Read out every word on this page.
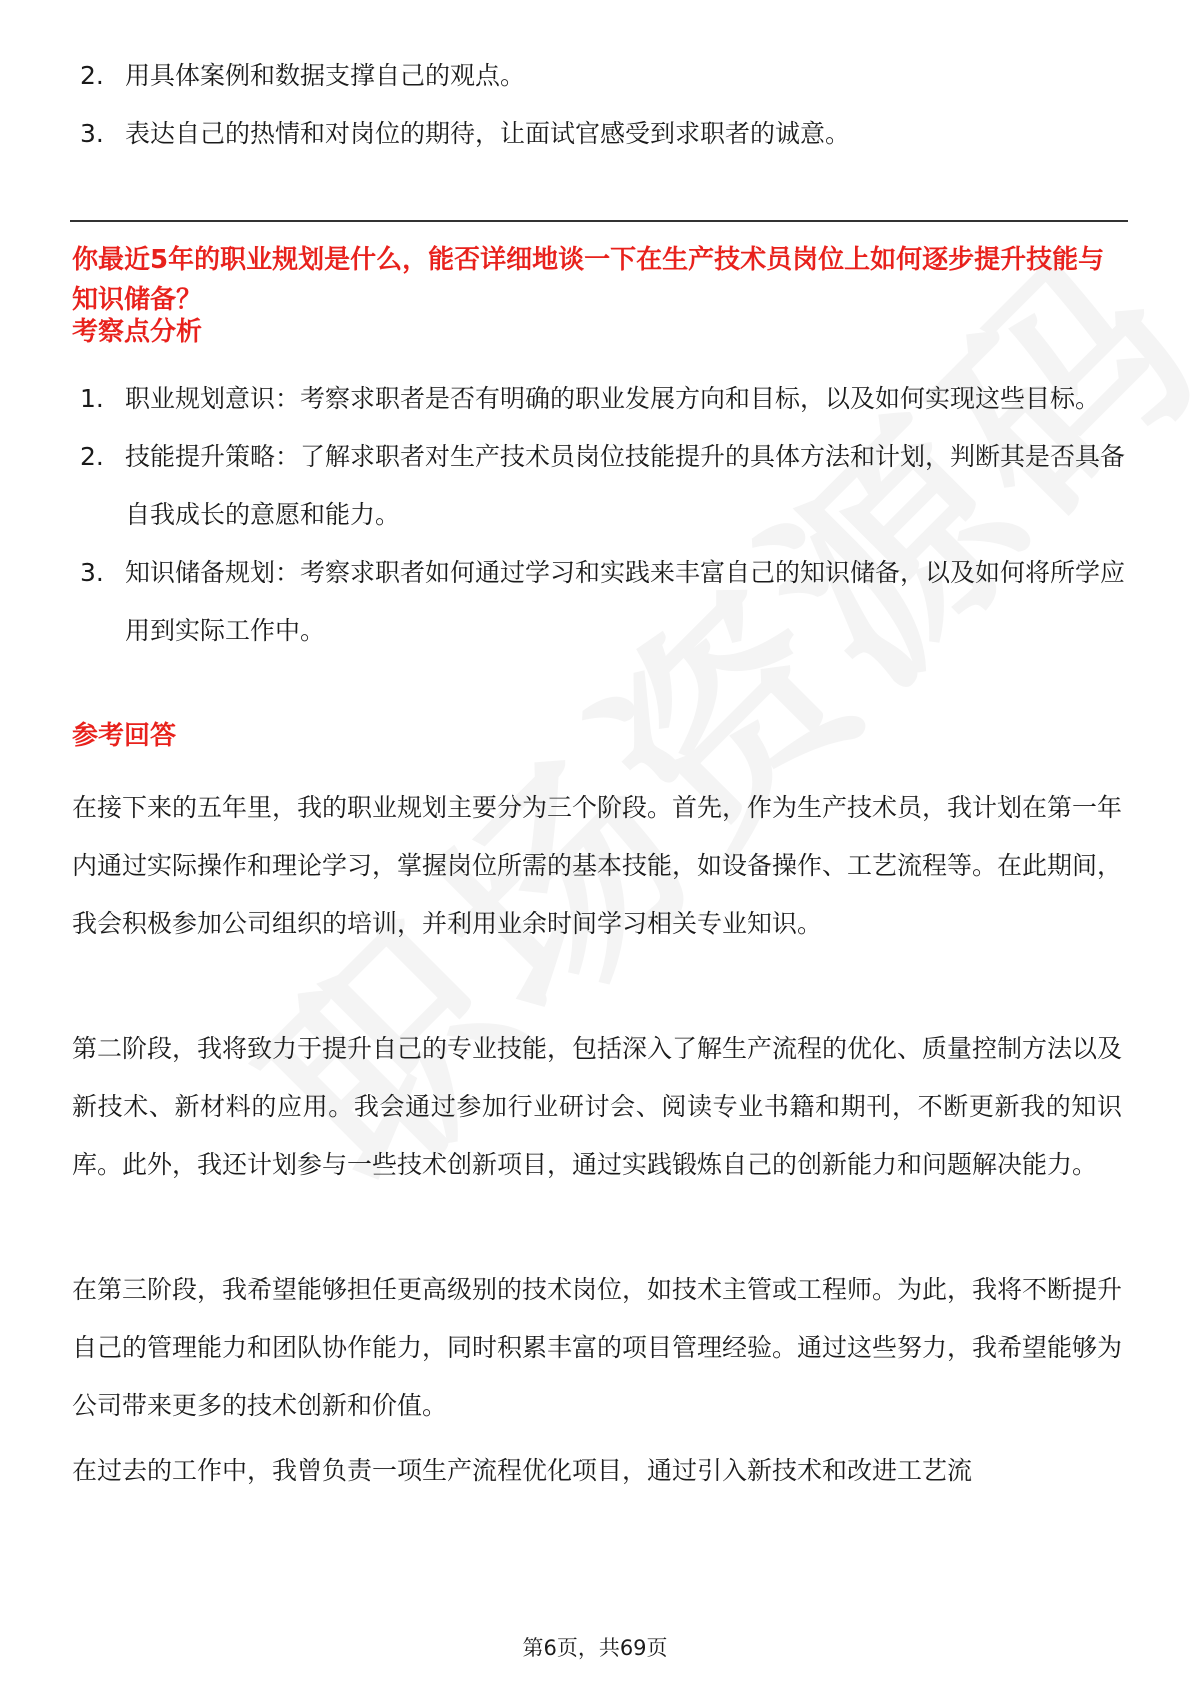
2. 用具体案例和数据支撑自己的观点。
3. 表达自己的热情和对岗位的期待，让面试官感受到求职者的诚意。
你最近5年的职业规划是什么，能否详细地谈一下在生产技术员岗位上如何逐步提升技能与知识储备？
考察点分析
1. 职业规划意识：考察求职者是否有明确的职业发展方向和目标，以及如何实现这些目标。
2. 技能提升策略：了解求职者对生产技术员岗位技能提升的具体方法和计划，判断其是否具备自我成长的意愿和能力。
3. 知识储备规划：考察求职者如何通过学习和实践来丰富自己的知识储备，以及如何将所学应用到实际工作中。
参考回答
在接下来的五年里，我的职业规划主要分为三个阶段。首先，作为生产技术员，我计划在第一年内通过实际操作和理论学习，掌握岗位所需的基本技能，如设备操作、工艺流程等。在此期间，我会积极参加公司组织的培训，并利用业余时间学习相关专业知识。
第二阶段，我将致力于提升自己的专业技能，包括深入了解生产流程的优化、质量控制方法以及新技术、新材料的应用。我会通过参加行业研讨会、阅读专业书籍和期刊，不断更新我的知识库。此外，我还计划参与一些技术创新项目，通过实践锻炼自己的创新能力和问题解决能力。
在第三阶段，我希望能够担任更高级别的技术岗位，如技术主管或工程师。为此，我将不断提升自己的管理能力和团队协作能力，同时积累丰富的项目管理经验。通过这些努力，我希望能够为公司带来更多的技术创新和价值。
在过去的工作中，我曾负责一项生产流程优化项目，通过引入新技术和改进工艺流
第6页，共69页
